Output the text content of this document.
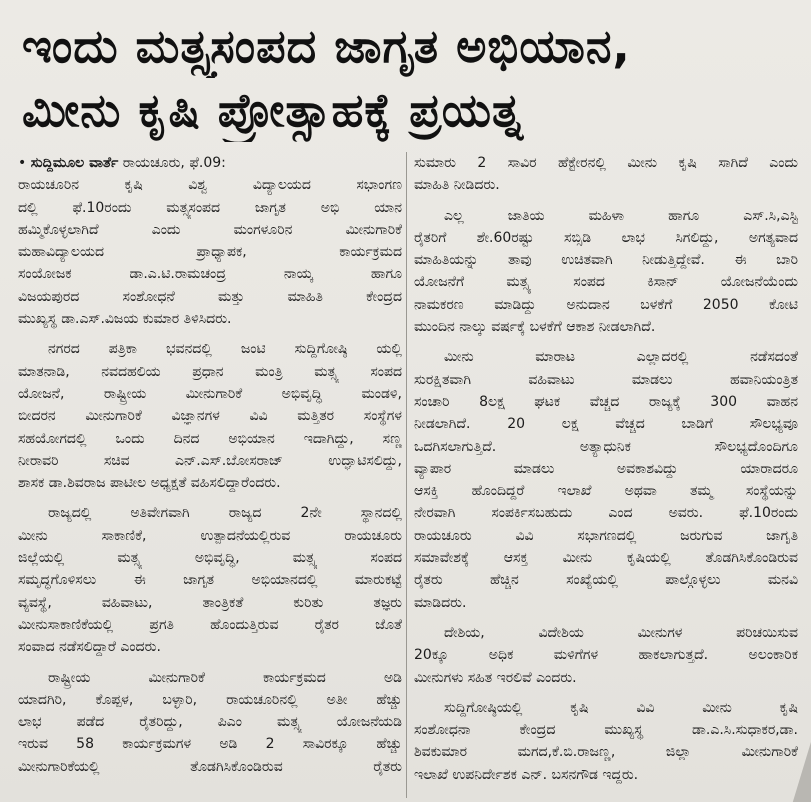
ಇಂದು ಮತ್ಸ್ಯಸಂಪದ ಜಾಗೃತ ಅಭಿಯಾನ,
ಮೀನು ಕೃಷಿ ಪ್ರೋತ್ಸಾಹಕ್ಕೆ ಪ್ರಯತ್ನ
• ಸುದ್ದಿಮೂಲ ವಾರ್ತೆ ರಾಯಚೂರು, ಫೆ.09:
ರಾಯಚೂರಿನ ಕೃಷಿ ವಿಶ್ವ ವಿದ್ಯಾಲಯದ ಸಭಾಂಗಣ
ದಲ್ಲಿ ಫೆ.10ರಂದು ಮತ್ಸ್ಯಸಂಪದ ಜಾಗೃತ ಅಭಿ ಯಾನ
ಹಮ್ಮಿಕೊಳ್ಳಲಾಗಿದೆ ಎಂದು ಮಂಗಳೂರಿನ ಮೀನುಗಾರಿಕೆ
ಮಹಾವಿದ್ಯಾಲಯದ ಪ್ರಾಧ್ಯಾಪಕ, ಕಾರ್ಯಕ್ರಮದ
ಸಂಯೋಜಕ ಡಾ.ಎ.ಟಿ.ರಾಮಚಂದ್ರ ನಾಯ್ಕ ಹಾಗೂ
ವಿಜಯಪುರದ ಸಂಶೋಧನೆ ಮತ್ತು ಮಾಹಿತಿ ಕೇಂದ್ರದ
ಮುಖ್ಯಸ್ಥ ಡಾ.ಎಸ್.ವಿಜಯ ಕುಮಾರ ತಿಳಿಸಿದರು.
ನಗರದ ಪತ್ರಿಕಾ ಭವನದಲ್ಲಿ ಜಂಟಿ ಸುದ್ದಿಗೋಷ್ಠಿ ಯಲ್ಲಿ
ಮಾತನಾಡಿ, ನವದಹಲಿಯ ಪ್ರಧಾನ ಮಂತ್ರಿ ಮತ್ಸ್ಯ ಸಂಪದ
ಯೋಜನೆ, ರಾಷ್ಟ್ರೀಯ ಮೀನುಗಾರಿಕೆ ಅಭಿವೃದ್ಧಿ ಮಂಡಳಿ,
ಬೀದರನ ಮೀನುಗಾರಿಕೆ ವಿಜ್ಞಾನಗಳ ವಿವಿ ಮತ್ತಿತರ ಸಂಸ್ಥೆಗಳ
ಸಹಯೋಗದಲ್ಲಿ ಒಂದು ದಿನದ ಅಭಿಯಾನ ಇದಾಗಿದ್ದು, ಸಣ್ಣ
ನೀರಾವರಿ ಸಚಿವ ಎನ್.ಎಸ್.ಬೋಸರಾಜ್ ಉದ್ಘಾಟಿಸಲಿದ್ದು,
ಶಾಸಕ ಡಾ.ಶಿವರಾಜ ಪಾಟೀಲ ಅಧ್ಯಕ್ಷತೆ ವಹಿಸಲಿದ್ದಾರೆಂದರು.
ರಾಜ್ಯದಲ್ಲಿ ಅತಿವೇಗವಾಗಿ ರಾಜ್ಯದ 2ನೇ ಸ್ಥಾನದಲ್ಲಿ
ಮೀನು ಸಾಕಾಣಿಕೆ, ಉತ್ಪಾದನೆಯಲ್ಲಿರುವ ರಾಯಚೂರು
ಜಿಲ್ಲೆಯಲ್ಲಿ ಮತ್ಸ್ಯ ಅಭಿವೃದ್ಧಿ, ಮತ್ಸ್ಯ ಸಂಪದ
ಸಮೃದ್ಧಗೊಳಿಸಲು ಈ ಜಾಗೃತ ಅಭಿಯಾನದಲ್ಲಿ ಮಾರುಕಟ್ಟೆ
ವ್ಯವಸ್ಥೆ, ವಹಿವಾಟು, ತಾಂತ್ರಿಕತೆ ಕುರಿತು ತಜ್ಞರು
ಮೀನುಸಾಕಾಣಿಕೆಯಲ್ಲಿ ಪ್ರಗತಿ ಹೊಂದುತ್ತಿರುವ ರೈತರ ಜೊತೆ
ಸಂವಾದ ನಡೆಸಲಿದ್ದಾರೆ ಎಂದರು.
ರಾಷ್ಟ್ರೀಯ ಮೀನುಗಾರಿಕೆ ಕಾರ್ಯಕ್ರಮದ ಅಡಿ
ಯಾದಗಿರಿ, ಕೊಪ್ಪಳ, ಬಳ್ಳಾರಿ, ರಾಯಚೂರಿನಲ್ಲಿ ಅತೀ ಹೆಚ್ಚು
ಲಾಭ ಪಡೆದ ರೈತರಿದ್ದು, ಪಿಎಂ ಮತ್ಸ್ಯ ಯೋಜನೆಯಡಿ
ಇರುವ 58 ಕಾರ್ಯಕ್ರಮಗಳ ಅಡಿ 2 ಸಾವಿರಕ್ಕೂ ಹೆಚ್ಚು
ಮೀನುಗಾರಿಕೆಯಲ್ಲಿ ತೊಡಗಿಸಿಕೊಂಡಿರುವ ರೈತರು
ಸುಮಾರು 2 ಸಾವಿರ ಹೆಕ್ಟೇರನಲ್ಲಿ ಮೀನು ಕೃಷಿ ಸಾಗಿದೆ ಎಂದು
ಮಾಹಿತಿ ನೀಡಿದರು.
ಎಲ್ಲ ಜಾತಿಯ ಮಹಿಳಾ ಹಾಗೂ ಎಸ್.ಸಿ,ಎಸ್ಟಿ
ರೈತರಿಗೆ ಶೇ.60ರಷ್ಟು ಸಬ್ಸಿಡಿ ಲಾಭ ಸಿಗಲಿದ್ದು, ಅಗತ್ಯವಾದ
ಮಾಹಿತಿಯನ್ನು ತಾವು ಉಚಿತವಾಗಿ ನೀಡುತ್ತಿದ್ದೇವೆ. ಈ ಬಾರಿ
ಯೋಜನೆಗೆ ಮತ್ಸ್ಯ ಸಂಪದ ಕಿಸಾನ್ ಯೋಜನೆಯೆಂದು
ನಾಮಕರಣ ಮಾಡಿದ್ದು ಅನುದಾನ ಬಳಕೆಗೆ 2050 ಕೋಟಿ
ಮುಂದಿನ ನಾಲ್ಕು ವರ್ಷಕ್ಕೆ ಬಳಕೆಗೆ ಆಕಾಶ ನೀಡಲಾಗಿದೆ.
ಮೀನು ಮಾರಾಟ ಎಲ್ಲಾದರಲ್ಲಿ ನಡೆಸದಂತೆ
ಸುರಕ್ಷಿತವಾಗಿ ವಹಿವಾಟು ಮಾಡಲು ಹವಾನಿಯಂತ್ರಿತ
ಸಂಚಾರಿ 8ಲಕ್ಷ ಘಟಕ ವೆಚ್ಚದ ರಾಜ್ಯಕ್ಕೆ 300 ವಾಹನ
ನೀಡಲಾಗಿದೆ. 20 ಲಕ್ಷ ವೆಚ್ಚದ ಬಾಡಿಗೆ ಸೌಲಭ್ಯವೂ
ಒದಗಿಸಲಾಗುತ್ತಿದೆ. ಅತ್ಯಾಧುನಿಕ ಸೌಲಭ್ಯದೊಂದಿಗೂ
ವ್ಯಾಪಾರ ಮಾಡಲು ಅವಕಾಶವಿದ್ದು ಯಾರಾದರೂ
ಆಸಕ್ತಿ ಹೊಂದಿದ್ದರೆ ಇಲಾಖೆ ಅಥವಾ ತಮ್ಮ ಸಂಸ್ಥೆಯನ್ನು
ನೇರವಾಗಿ ಸಂಪರ್ಕಿಸಬಹುದು ಎಂದ ಅವರು. ಫೆ.10ರಂದು
ರಾಯಚೂರು ವಿವಿ ಸಭಾಗಣದಲ್ಲಿ ಜರುಗುವ ಜಾಗೃತಿ
ಸಮಾವೇಶಕ್ಕೆ ಆಸಕ್ತ ಮೀನು ಕೃಷಿಯಲ್ಲಿ ತೊಡಗಿಸಿಕೊಂಡಿರುವ
ರೈತರು ಹೆಚ್ಚಿನ ಸಂಖ್ಯೆಯಲ್ಲಿ ಪಾಲ್ಗೊಳ್ಳಲು ಮನವಿ
ಮಾಡಿದರು.
ದೇಶಿಯ, ವಿದೇಶಿಯ ಮೀನುಗಳ ಪರಿಚಯಿಸುವ
20ಕ್ಕೂ ಅಧಿಕ ಮಳಿಗೆಗಳ ಹಾಕಲಾಗುತ್ತದೆ. ಅಲಂಕಾರಿಕ
ಮೀನುಗಳು ಸಹಿತ ಇರಲಿವೆ ಎಂದರು.
ಸುದ್ದಿಗೋಷ್ಠಿಯಲ್ಲಿ ಕೃಷಿ ವಿವಿ ಮೀನು ಕೃಷಿ
ಸಂಶೋಧನಾ ಕೇಂದ್ರದ ಮುಖ್ಯಸ್ಥ ಡಾ.ಎ.ಸಿ.ಸುಧಾಕರ,ಡಾ.
ಶಿವಕುಮಾರ ಮಗದ,ಕೆ.ಬಿ.ರಾಜಣ್ಣ, ಜಿಲ್ಲಾ ಮೀನುಗಾರಿಕೆ
ಇಲಾಖೆ ಉಪನಿರ್ದೇಶಕ ಎನ್. ಬಸನಗೌಡ ಇದ್ದರು.
